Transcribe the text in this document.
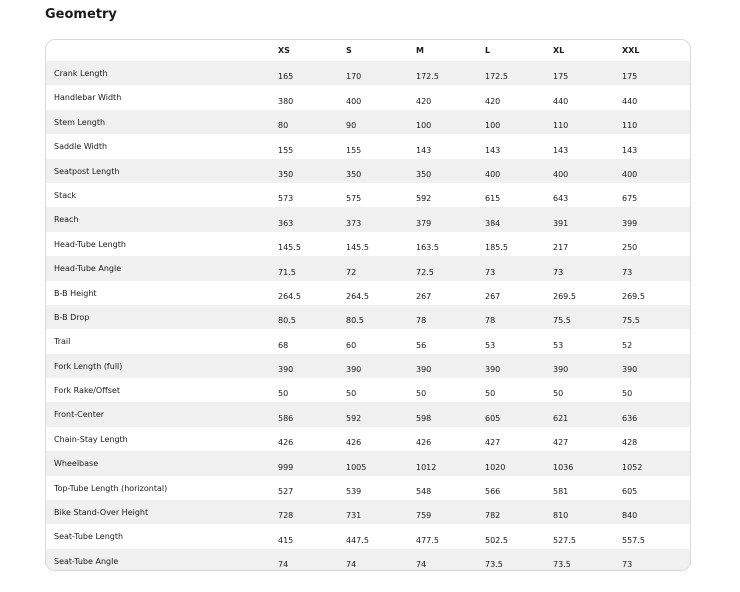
Geometry
	XS	S	M	L	XL	XXL
Crank Length	165	170	172.5	172.5	175	175
Handlebar Width	380	400	420	420	440	440
Stem Length	80	90	100	100	110	110
Saddle Width	155	155	143	143	143	143
Seatpost Length	350	350	350	400	400	400
Stack	573	575	592	615	643	675
Reach	363	373	379	384	391	399
Head-Tube Length	145.5	145.5	163.5	185.5	217	250
Head-Tube Angle	71.5	72	72.5	73	73	73
B-B Height	264.5	264.5	267	267	269.5	269.5
B-B Drop	80.5	80.5	78	78	75.5	75.5
Trail	68	60	56	53	53	52
Fork Length (full)	390	390	390	390	390	390
Fork Rake/Offset	50	50	50	50	50	50
Front-Center	586	592	598	605	621	636
Chain-Stay Length	426	426	426	427	427	428
Wheelbase	999	1005	1012	1020	1036	1052
Top-Tube Length (horizontal)	527	539	548	566	581	605
Bike Stand-Over Height	728	731	759	782	810	840
Seat-Tube Length	415	447.5	477.5	502.5	527.5	557.5
Seat-Tube Angle	74	74	74	73.5	73.5	73
